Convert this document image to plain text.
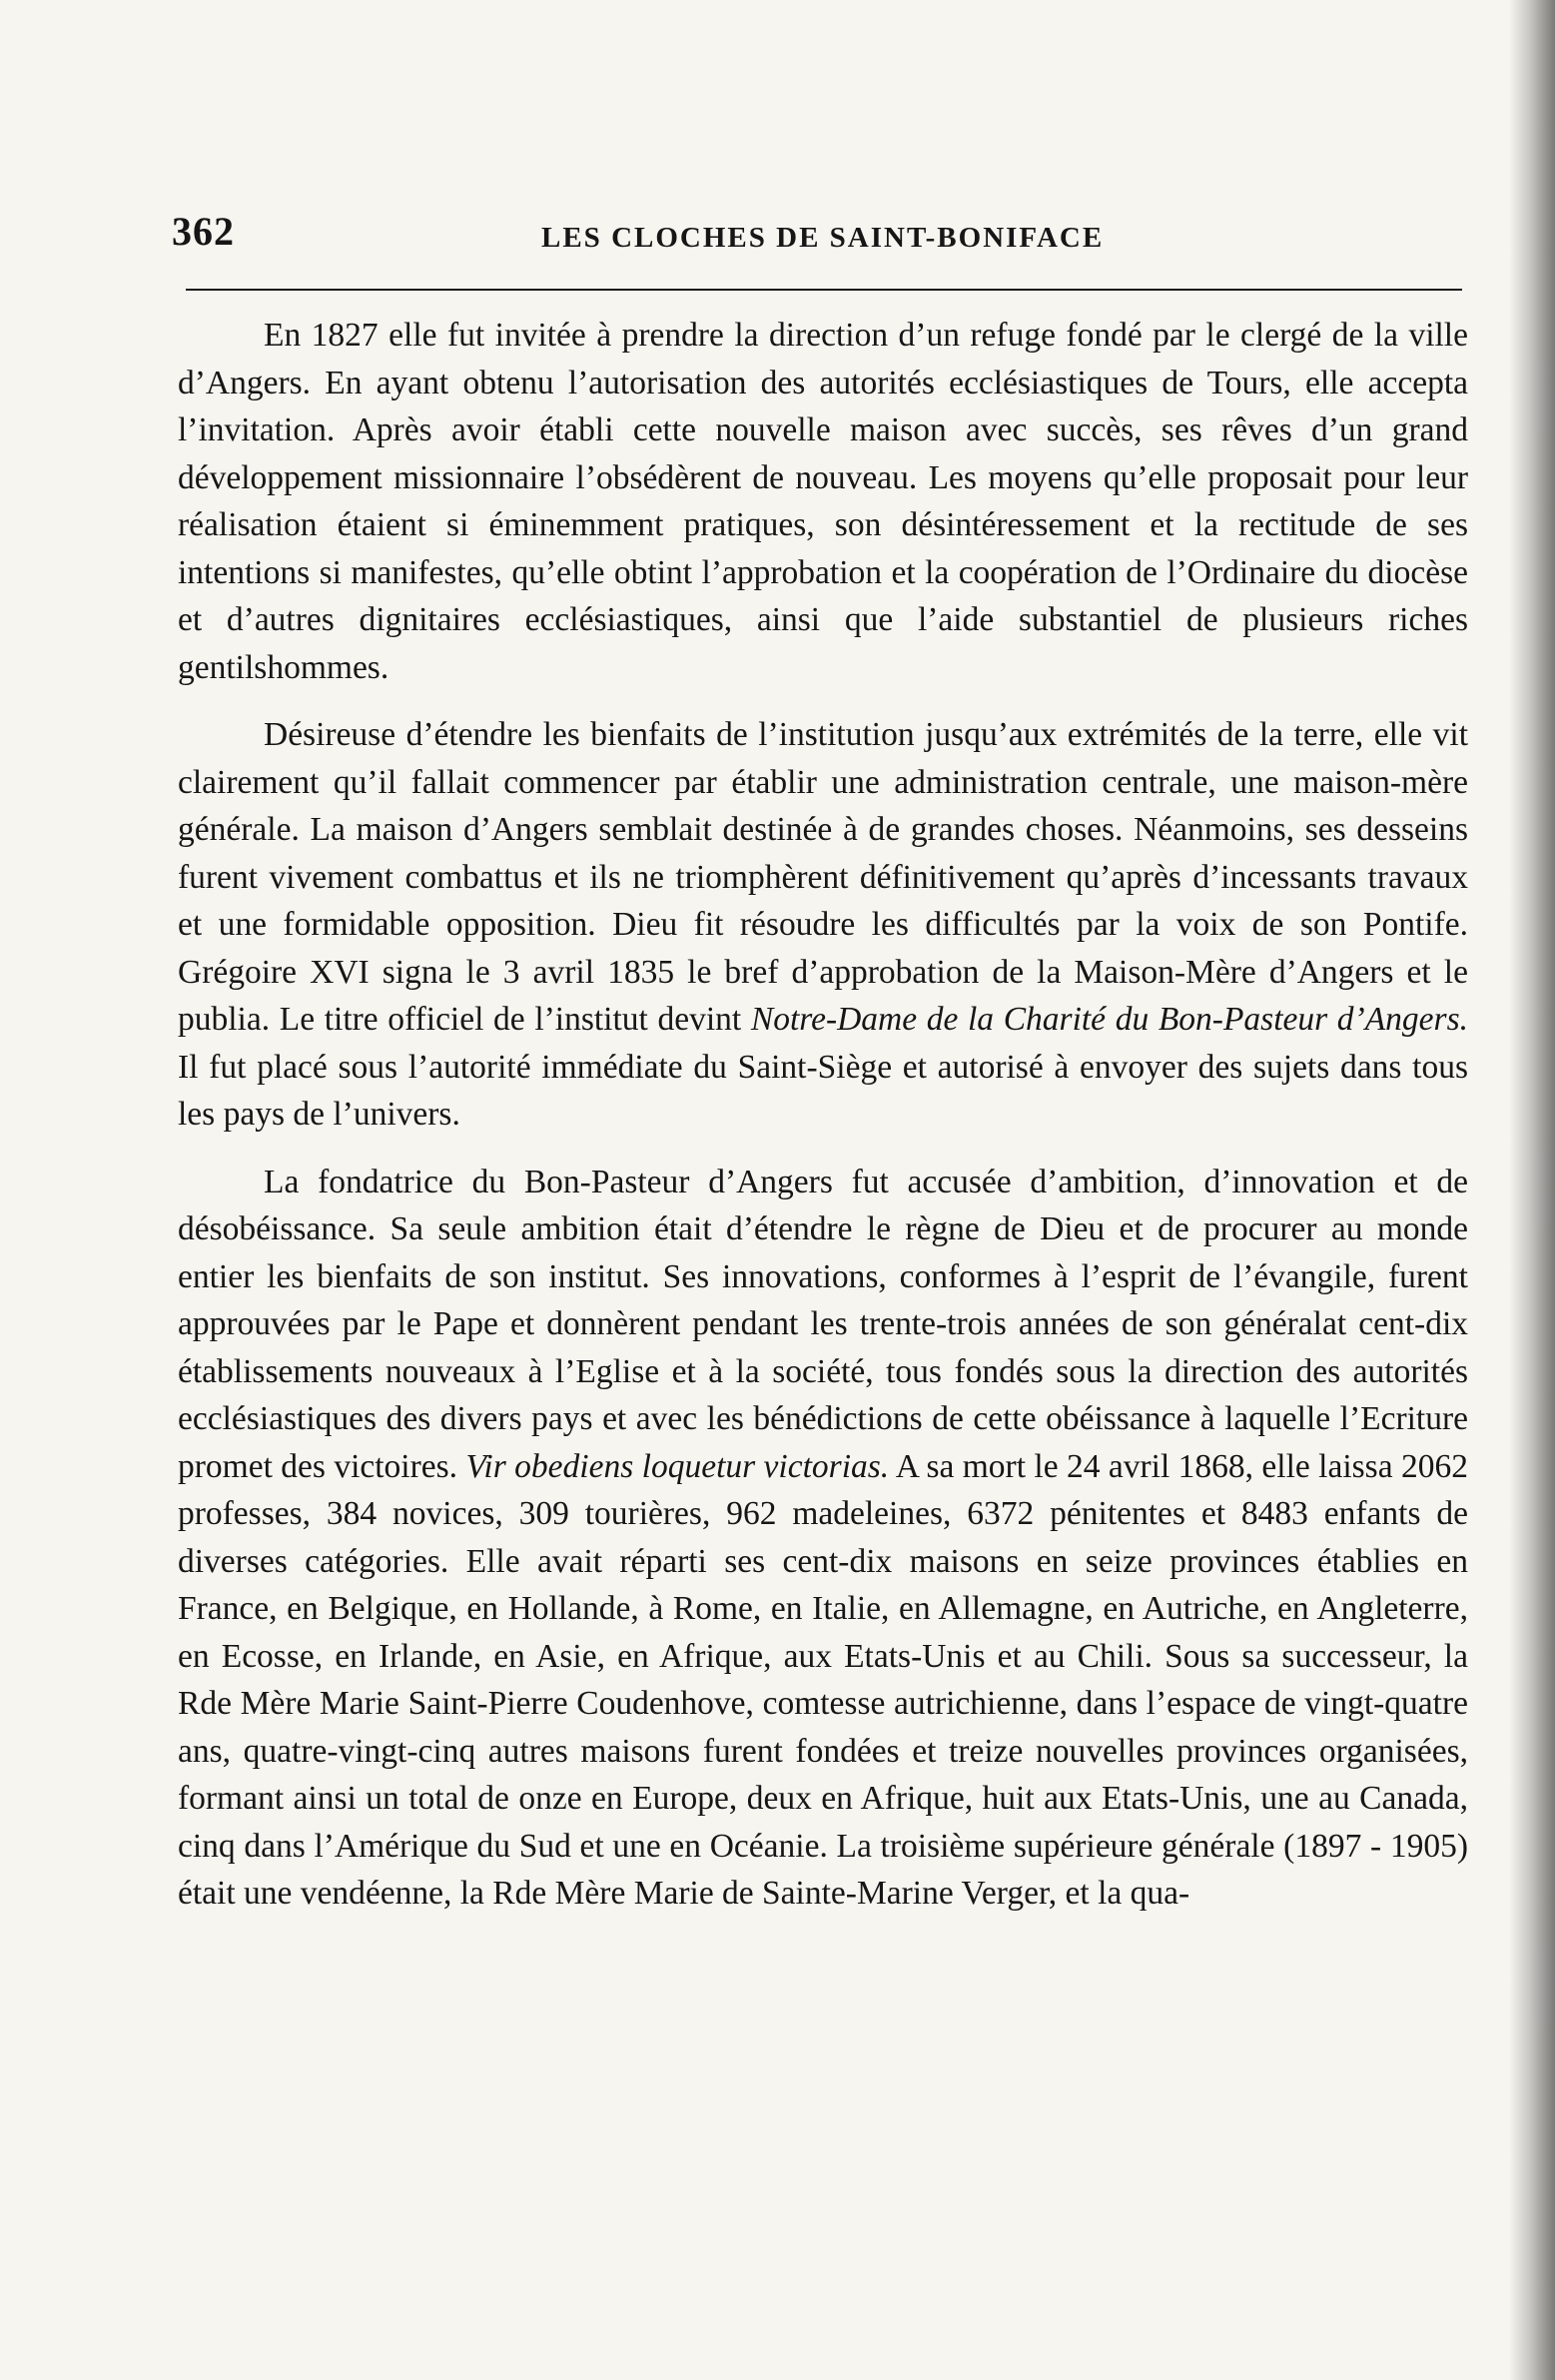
362	LES CLOCHES DE SAINT-BONIFACE

En 1827 elle fut invitée à prendre la direction d’un refuge fondé par le clergé de la ville d’Angers. En ayant obtenu l’autorisation des autorités ecclésiastiques de Tours, elle accepta l’invitation. Après avoir établi cette nouvelle maison avec succès, ses rêves d’un grand développement missionnaire l’obsédèrent de nouveau. Les moyens qu’elle proposait pour leur réalisation étaient si éminemment pratiques, son désintéressement et la rectitude de ses intentions si manifestes, qu’elle obtint l’approbation et la coopération de l’Ordinaire du diocèse et d’autres dignitaires ecclésiastiques, ainsi que l’aide substantiel de plusieurs riches gentilshommes.

Désireuse d’étendre les bienfaits de l’institution jusqu’aux extrémités de la terre, elle vit clairement qu’il fallait commencer par établir une administration centrale, une maison-mère générale. La maison d’Angers semblait destinée à de grandes choses. Néanmoins, ses desseins furent vivement combattus et ils ne triomphèrent définitivement qu’après d’incessants travaux et une formidable opposition. Dieu fit résoudre les difficultés par la voix de son Pontife. Grégoire XVI signa le 3 avril 1835 le bref d’approbation de la Maison-Mère d’Angers et le publia. Le titre officiel de l’institut devint Notre-Dame de la Charité du Bon-Pasteur d’Angers. Il fut placé sous l’autorité immédiate du Saint-Siège et autorisé à envoyer des sujets dans tous les pays de l’univers.

La fondatrice du Bon-Pasteur d’Angers fut accusée d’ambition, d’innovation et de désobéissance. Sa seule ambition était d’étendre le règne de Dieu et de procurer au monde entier les bienfaits de son institut. Ses innovations, conformes à l’esprit de l’évangile, furent approuvées par le Pape et donnèrent pendant les trente-trois années de son généralat cent-dix établissements nouveaux à l’Eglise et à la société, tous fondés sous la direction des autorités ecclésiastiques des divers pays et avec les bénédictions de cette obéissance à laquelle l’Ecriture promet des victoires. Vir obediens loquetur victorias. A sa mort le 24 avril 1868, elle laissa 2062 professes, 384 novices, 309 tourières, 962 madeleines, 6372 pénitentes et 8483 enfants de diverses catégories. Elle avait réparti ses cent-dix maisons en seize provinces établies en France, en Belgique, en Hollande, à Rome, en Italie, en Allemagne, en Autriche, en Angleterre, en Ecosse, en Irlande, en Asie, en Afrique, aux Etats-Unis et au Chili. Sous sa successeur, la Rde Mère Marie Saint-Pierre Coudenhove, comtesse autrichienne, dans l’espace de vingt-quatre ans, quatre-vingt-cinq autres maisons furent fondées et treize nouvelles provinces organisées, formant ainsi un total de onze en Europe, deux en Afrique, huit aux Etats-Unis, une au Canada, cinq dans l’Amérique du Sud et une en Océanie. La troisième supérieure générale (1897 - 1905) était une vendéenne, la Rde Mère Marie de Sainte-Marine Verger, et la qua-
